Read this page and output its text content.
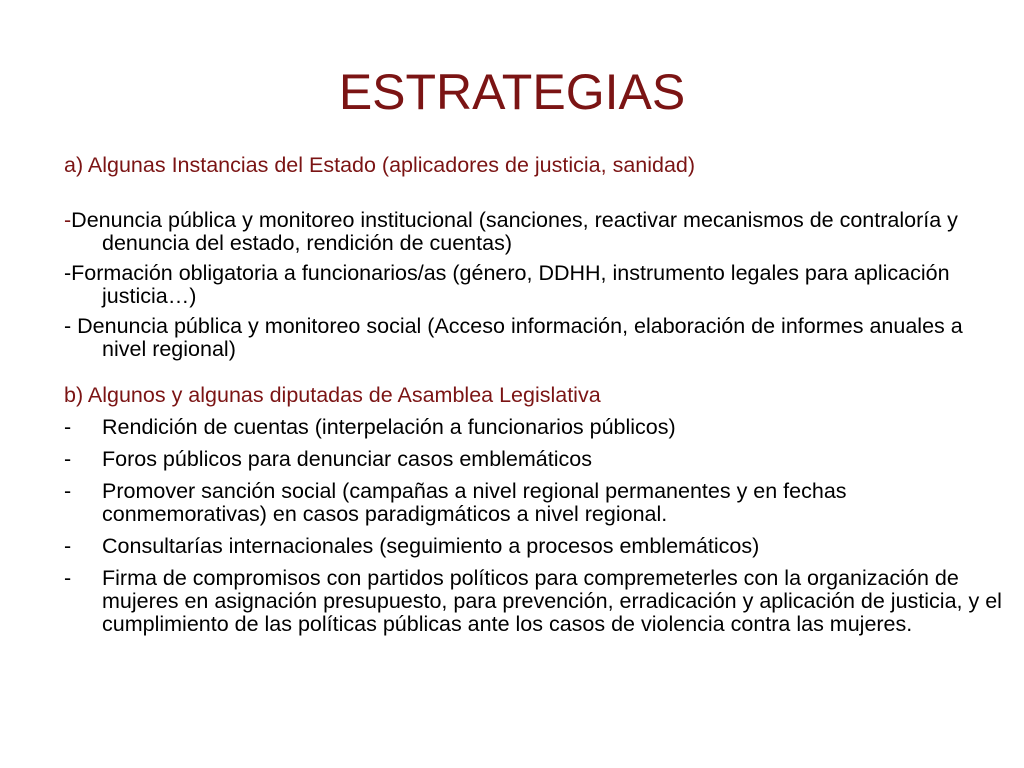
ESTRATEGIAS

a) Algunas Instancias del Estado (aplicadores de justicia, sanidad)

-Denuncia pública y monitoreo institucional (sanciones, reactivar mecanismos de contraloría y denuncia del estado, rendición de cuentas)

-Formación obligatoria a funcionarios/as (género, DDHH, instrumento legales para aplicación justicia…)

- Denuncia pública y monitoreo social (Acceso información, elaboración de informes anuales a nivel regional)

b) Algunos y algunas diputadas de Asamblea Legislativa

-	Rendición de cuentas (interpelación a funcionarios públicos)
-	Foros públicos para denunciar casos emblemáticos
-	Promover sanción social (campañas a nivel regional permanentes y en fechas conmemorativas) en casos paradigmáticos a nivel regional.
-	Consultarías internacionales (seguimiento a procesos emblemáticos)
-	Firma de compromisos con partidos políticos para compremeterles con la organización de mujeres en asignación presupuesto, para prevención, erradicación y aplicación de justicia, y el cumplimiento de las políticas públicas ante los casos de violencia contra las mujeres.
